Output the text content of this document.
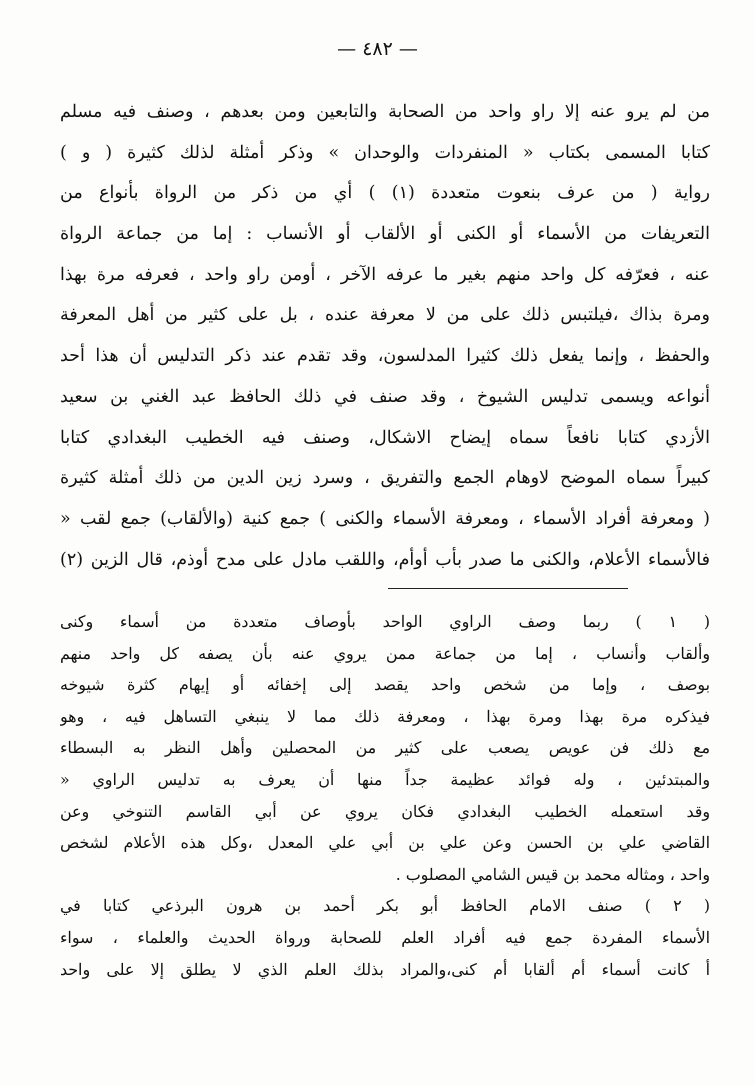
— ٤٨٢ —
من لم يرو عنه إلا راو واحد من الصحابة والتابعين ومن بعدهم ، وصنف فيه مسلم
كتابا المسمى بكتاب « المنفردات والوحدان » وذكر أمثلة لذلك كثيرة ( و )
رواية ( من عرف بنعوت متعددة (١) ) أي من ذكر من الرواة بأنواع من
التعريفات من الأسماء أو الكنى أو الألقاب أو الأنساب : إما من جماعة الرواة
عنه ، فعرّفه كل واحد منهم بغير ما عرفه الآخر ، أومن راو واحد ، فعرفه مرة بهذا
ومرة بذاك ،فيلتبس ذلك على من لا معرفة عنده ، بل على كثير من أهل المعرفة
والحفظ ، وإنما يفعل ذلك كثيرا المدلسون، وقد تقدم عند ذكر التدليس أن هذا أحد
أنواعه ويسمى تدليس الشيوخ ، وقد صنف في ذلك الحافظ عبد الغني بن سعيد
الأزدي كتابا نافعاً سماه إيضاح الاشكال، وصنف فيه الخطيب البغدادي كتابا
كبيراً سماه الموضح لاوهام الجمع والتفريق ، وسرد زين الدين من ذلك أمثلة كثيرة
( ومعرفة أفراد الأسماء ، ومعرفة الأسماء والكنى ) جمع كنية (والألقاب) جمع لقب «
فالأسماء الأعلام، والكنى ما صدر بأب أوأم، واللقب مادل على مدح أوذم، قال الزين (٢)
( ١ ) ربما وصف الراوي الواحد بأوصاف متعددة من أسماء وكنى
وألقاب وأنساب ، إما من جماعة ممن يروي عنه بأن يصفه كل واحد منهم
بوصف ، وإما من شخص واحد يقصد إلى إخفائه أو إيهام كثرة شيوخه
فيذكره مرة بهذا ومرة بهذا ، ومعرفة ذلك مما لا ينبغي التساهل فيه ، وهو
مع ذلك فن عويص يصعب على كثير من المحصلين وأهل النظر به البسطاء
والمبتدئين ، وله فوائد عظيمة جداً منها أن يعرف به تدليس الراوي «
وقد استعمله الخطيب البغدادي فكان يروي عن أبي القاسم التنوخي وعن
القاضي علي بن الحسن وعن علي بن أبي علي المعدل ،وكل هذه الأعلام لشخص
واحد ، ومثاله محمد بن قيس الشامي المصلوب .
( ٢ ) صنف الامام الحافظ أبو بكر أحمد بن هرون البرذعي كتابا في
الأسماء المفردة جمع فيه أفراد العلم للصحابة ورواة الحديث والعلماء ، سواء
أ كانت أسماء أم ألقابا أم كنى،والمراد بذلك العلم الذي لا يطلق إلا على واحد
